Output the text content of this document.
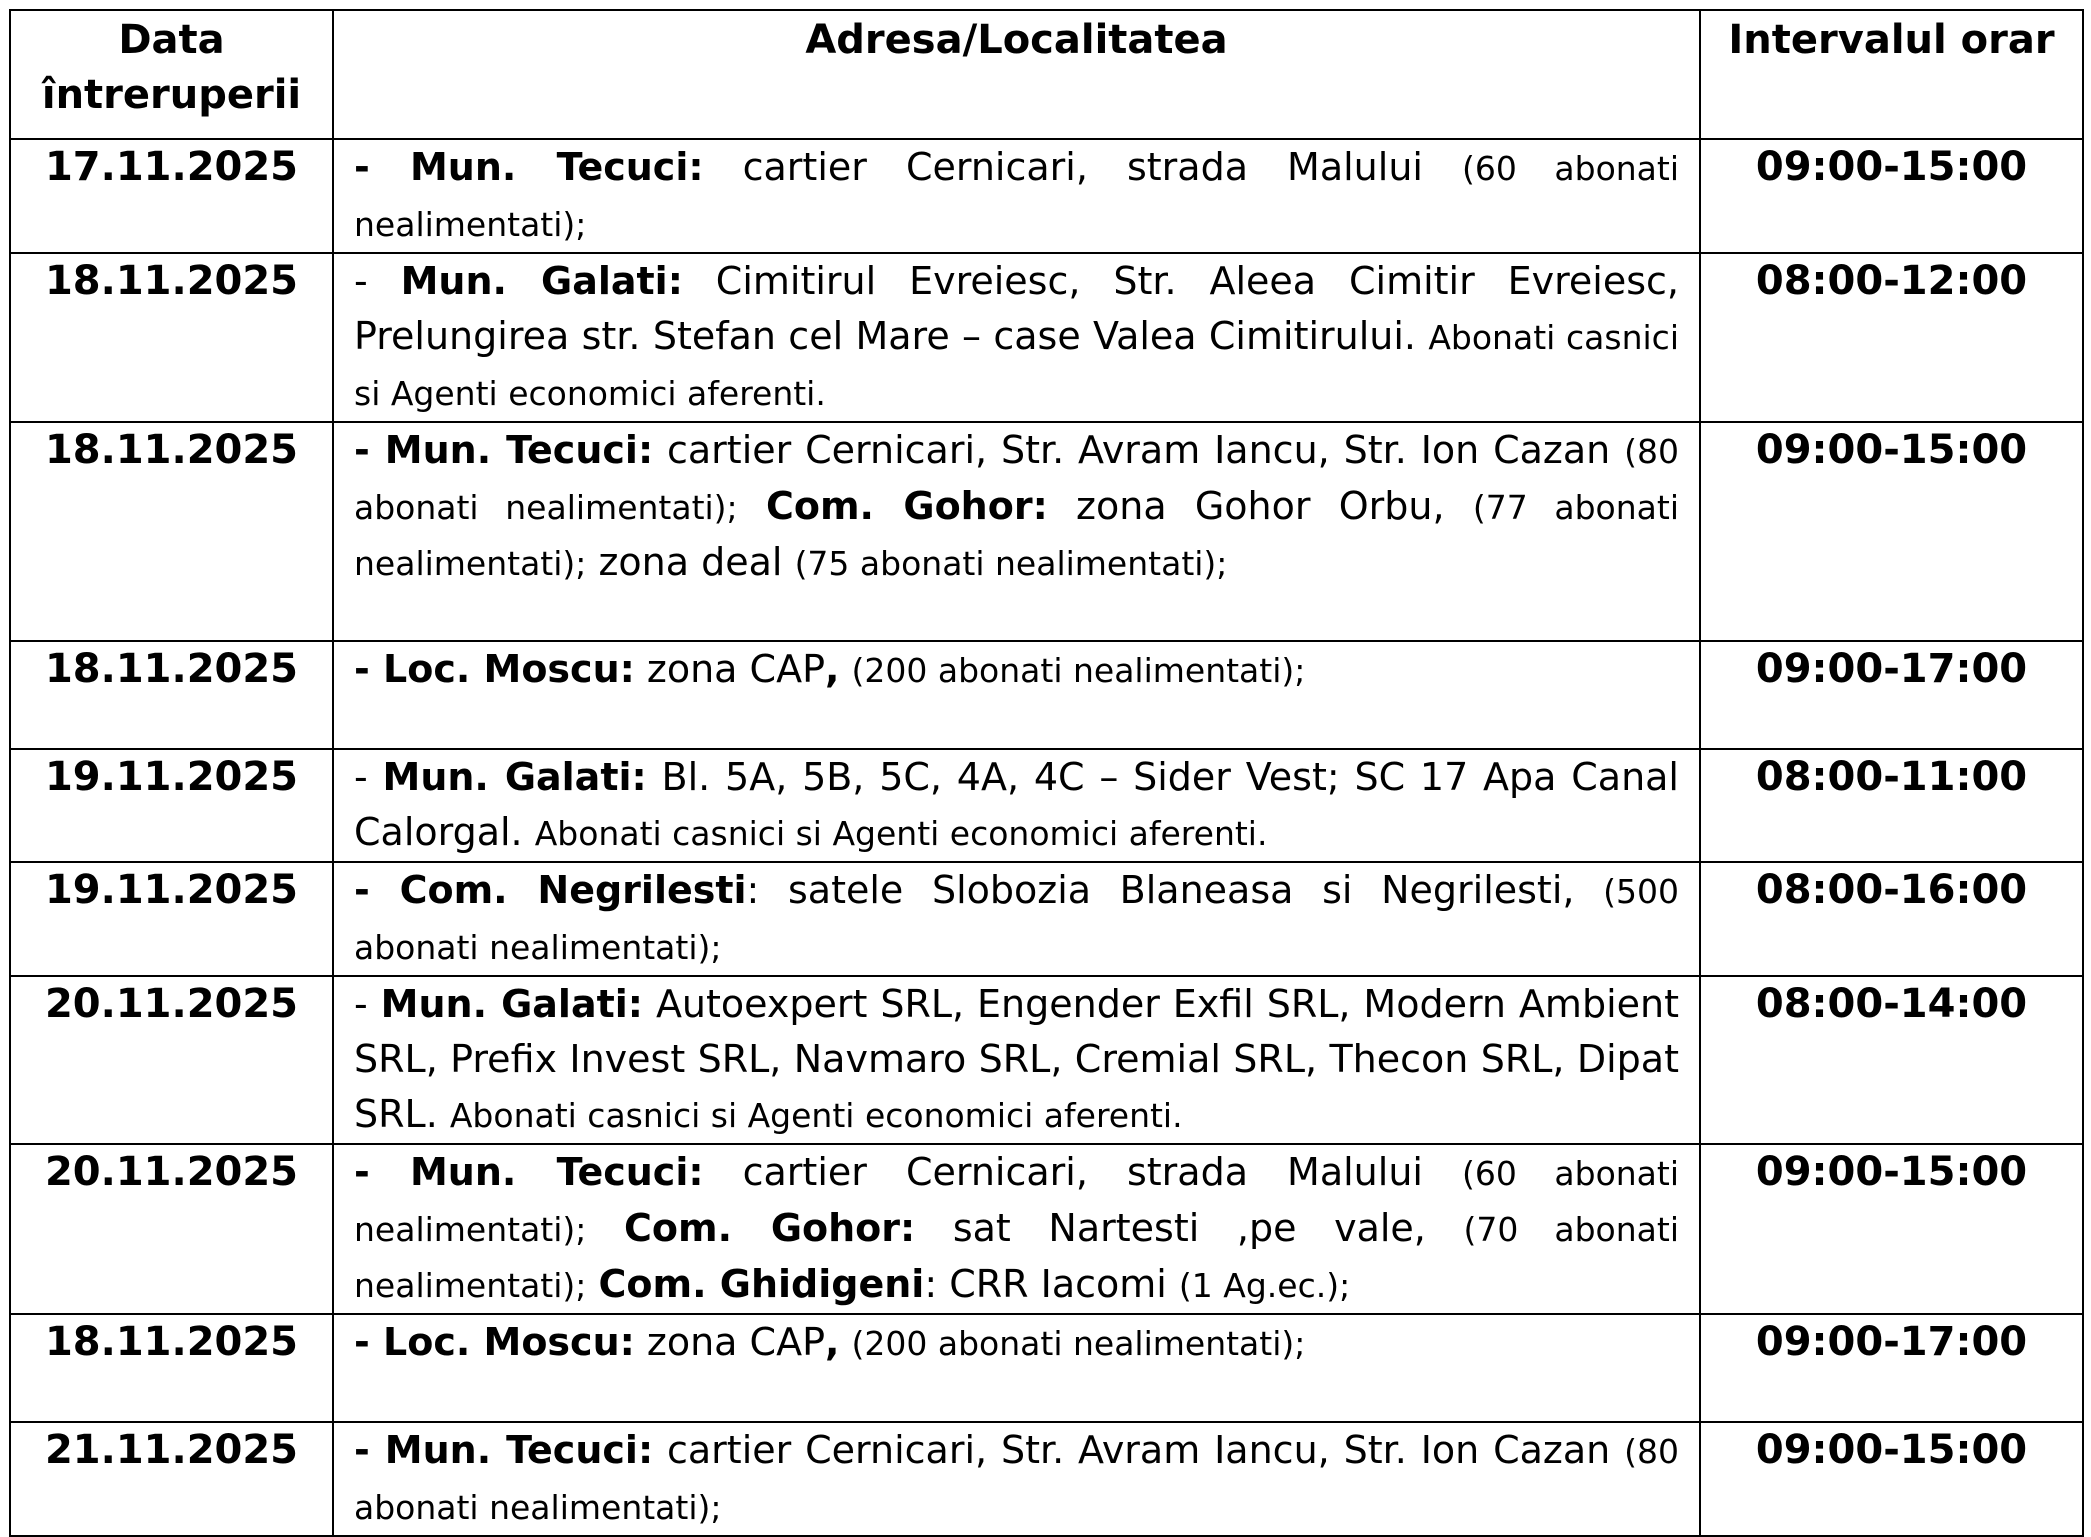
Data
întreruperii	Adresa/Localitatea	Intervalul orar
17.11.2025	- Mun. Tecuci: cartier Cernicari, strada Malului (60 abonati nealimentati);	09:00-15:00
18.11.2025	- Mun. Galati: Cimitirul Evreiesc, Str. Aleea Cimitir Evreiesc, Prelungirea str. Stefan cel Mare – case Valea Cimitirului. Abonati casnici si Agenti economici aferenti.	08:00-12:00
18.11.2025	- Mun. Tecuci: cartier Cernicari, Str. Avram Iancu, Str. Ion Cazan (80 abonati nealimentati); Com. Gohor: zona Gohor Orbu, (77 abonati nealimentati); zona deal (75 abonati nealimentati);	09:00-15:00
18.11.2025	- Loc. Moscu: zona CAP, (200 abonati nealimentati);	09:00-17:00
19.11.2025	- Mun. Galati: Bl. 5A, 5B, 5C, 4A, 4C – Sider Vest; SC 17 Apa Canal Calorgal. Abonati casnici si Agenti economici aferenti.	08:00-11:00
19.11.2025	- Com. Negrilesti: satele Slobozia Blaneasa si Negrilesti, (500 abonati nealimentati);	08:00-16:00
20.11.2025	- Mun. Galati: Autoexpert SRL, Engender Exfil SRL, Modern Ambient SRL, Prefix Invest SRL, Navmaro SRL, Cremial SRL, Thecon SRL, Dipat SRL. Abonati casnici si Agenti economici aferenti.	08:00-14:00
20.11.2025	- Mun. Tecuci: cartier Cernicari, strada Malului (60 abonati nealimentati); Com. Gohor: sat Nartesti ,pe vale, (70 abonati nealimentati); Com. Ghidigeni: CRR Iacomi (1 Ag.ec.);	09:00-15:00
18.11.2025	- Loc. Moscu: zona CAP, (200 abonati nealimentati);	09:00-17:00
21.11.2025	- Mun. Tecuci: cartier Cernicari, Str. Avram Iancu, Str. Ion Cazan (80 abonati nealimentati);	09:00-15:00
